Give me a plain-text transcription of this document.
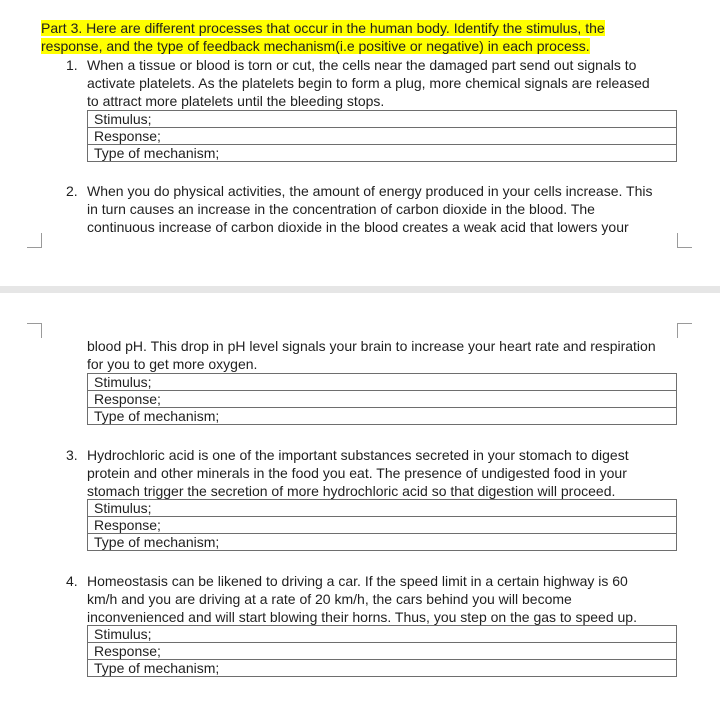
Part 3. Here are different processes that occur in the human body. Identify the stimulus, the
response, and the type of feedback mechanism(i.e positive or negative) in each process.
1. When a tissue or blood is torn or cut, the cells near the damaged part send out signals to
activate platelets. As the platelets begin to form a plug, more chemical signals are released
to attract more platelets until the bleeding stops.
Stimulus;
Response;
Type of mechanism;
2. When you do physical activities, the amount of energy produced in your cells increase. This
in turn causes an increase in the concentration of carbon dioxide in the blood. The
continuous increase of carbon dioxide in the blood creates a weak acid that lowers your
blood pH. This drop in pH level signals your brain to increase your heart rate and respiration
for you to get more oxygen.
Stimulus;
Response;
Type of mechanism;
3. Hydrochloric acid is one of the important substances secreted in your stomach to digest
protein and other minerals in the food you eat. The presence of undigested food in your
stomach trigger the secretion of more hydrochloric acid so that digestion will proceed.
Stimulus;
Response;
Type of mechanism;
4. Homeostasis can be likened to driving a car. If the speed limit in a certain highway is 60
km/h and you are driving at a rate of 20 km/h, the cars behind you will become
inconvenienced and will start blowing their horns. Thus, you step on the gas to speed up.
Stimulus;
Response;
Type of mechanism;
